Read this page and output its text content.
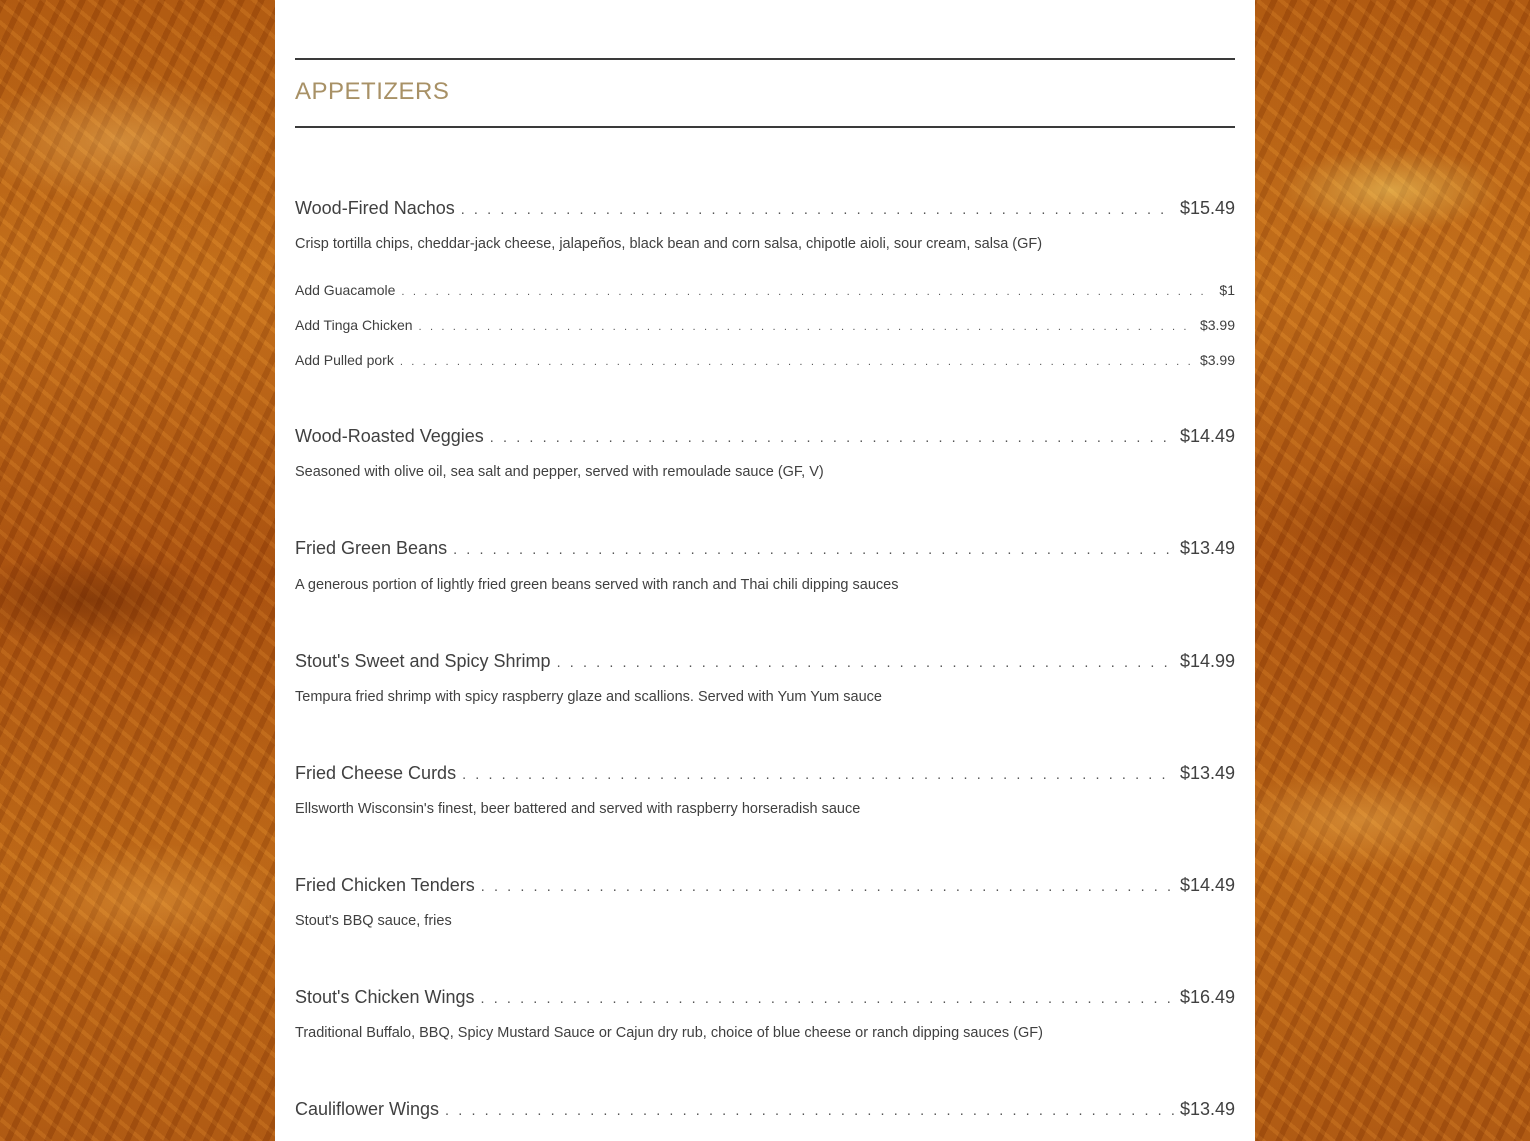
APPETIZERS
Wood-Fired Nachos . . .	$15.49
Crisp tortilla chips, cheddar-jack cheese, jalapeños, black bean and corn salsa, chipotle aioli, sour cream, salsa (GF)
Add Guacamole . . .	$1
Add Tinga Chicken . . .	$3.99
Add Pulled pork . . .	$3.99
Wood-Roasted Veggies . . .	$14.49
Seasoned with olive oil, sea salt and pepper, served with remoulade sauce (GF, V)
Fried Green Beans . . .	$13.49
A generous portion of lightly fried green beans served with ranch and Thai chili dipping sauces
Stout's Sweet and Spicy Shrimp . . .	$14.99
Tempura fried shrimp with spicy raspberry glaze and scallions. Served with Yum Yum sauce
Fried Cheese Curds . . .	$13.49
Ellsworth Wisconsin's finest, beer battered and served with raspberry horseradish sauce
Fried Chicken Tenders . . .	$14.49
Stout's BBQ sauce, fries
Stout's Chicken Wings . . .	$16.49
Traditional Buffalo, BBQ, Spicy Mustard Sauce or Cajun dry rub, choice of blue cheese or ranch dipping sauces (GF)
Cauliflower Wings . . .	$13.49
